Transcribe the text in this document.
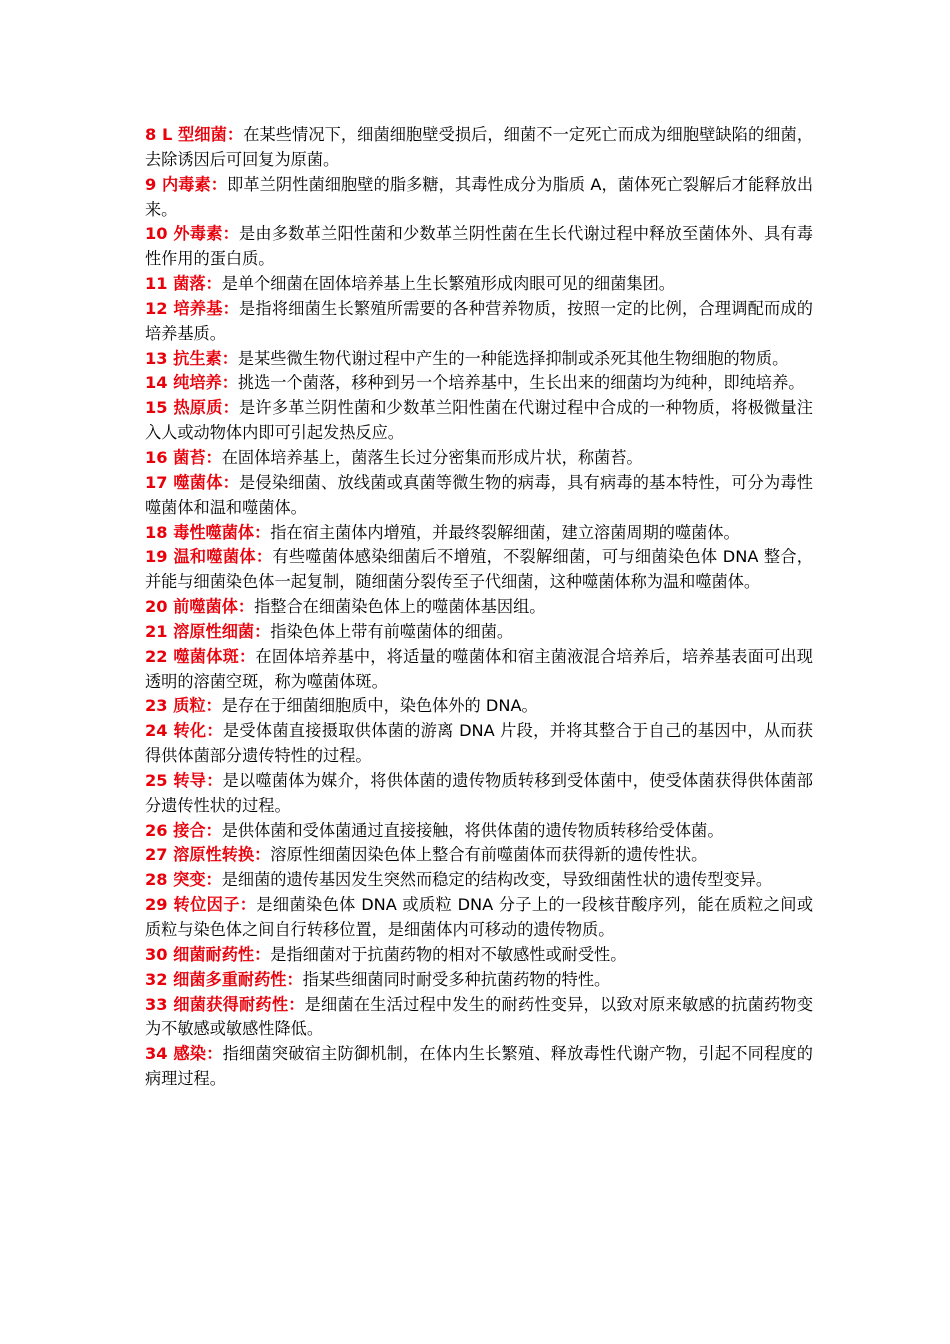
8 L 型细菌：在某些情况下，细菌细胞壁受损后，细菌不一定死亡而成为细胞壁缺陷的细菌，去除诱因后可回复为原菌。
9 内毒素：即革兰阴性菌细胞壁的脂多糖，其毒性成分为脂质 A，菌体死亡裂解后才能释放出来。
10 外毒素：是由多数革兰阳性菌和少数革兰阴性菌在生长代谢过程中释放至菌体外、具有毒性作用的蛋白质。
11 菌落：是单个细菌在固体培养基上生长繁殖形成肉眼可见的细菌集团。
12 培养基：是指将细菌生长繁殖所需要的各种营养物质，按照一定的比例，合理调配而成的培养基质。
13 抗生素：是某些微生物代谢过程中产生的一种能选择抑制或杀死其他生物细胞的物质。
14 纯培养：挑选一个菌落，移种到另一个培养基中，生长出来的细菌均为纯种，即纯培养。
15 热原质：是许多革兰阴性菌和少数革兰阳性菌在代谢过程中合成的一种物质，将极微量注入人或动物体内即可引起发热反应。
16 菌苔：在固体培养基上，菌落生长过分密集而形成片状，称菌苔。
17 噬菌体：是侵染细菌、放线菌或真菌等微生物的病毒，具有病毒的基本特性，可分为毒性噬菌体和温和噬菌体。
18 毒性噬菌体：指在宿主菌体内增殖，并最终裂解细菌，建立溶菌周期的噬菌体。
19 温和噬菌体：有些噬菌体感染细菌后不增殖，不裂解细菌，可与细菌染色体 DNA 整合，并能与细菌染色体一起复制，随细菌分裂传至子代细菌，这种噬菌体称为温和噬菌体。
20 前噬菌体：指整合在细菌染色体上的噬菌体基因组。
21 溶原性细菌：指染色体上带有前噬菌体的细菌。
22 噬菌体斑：在固体培养基中，将适量的噬菌体和宿主菌液混合培养后，培养基表面可出现透明的溶菌空斑，称为噬菌体斑。
23 质粒：是存在于细菌细胞质中，染色体外的 DNA。
24 转化：是受体菌直接摄取供体菌的游离 DNA 片段，并将其整合于自己的基因中，从而获得供体菌部分遗传特性的过程。
25 转导：是以噬菌体为媒介，将供体菌的遗传物质转移到受体菌中，使受体菌获得供体菌部分遗传性状的过程。
26 接合：是供体菌和受体菌通过直接接触，将供体菌的遗传物质转移给受体菌。
27 溶原性转换：溶原性细菌因染色体上整合有前噬菌体而获得新的遗传性状。
28 突变：是细菌的遗传基因发生突然而稳定的结构改变，导致细菌性状的遗传型变异。
29 转位因子：是细菌染色体 DNA 或质粒 DNA 分子上的一段核苷酸序列，能在质粒之间或质粒与染色体之间自行转移位置，是细菌体内可移动的遗传物质。
30 细菌耐药性：是指细菌对于抗菌药物的相对不敏感性或耐受性。
32 细菌多重耐药性：指某些细菌同时耐受多种抗菌药物的特性。
33 细菌获得耐药性：是细菌在生活过程中发生的耐药性变异，以致对原来敏感的抗菌药物变为不敏感或敏感性降低。
34 感染：指细菌突破宿主防御机制，在体内生长繁殖、释放毒性代谢产物，引起不同程度的病理过程。
